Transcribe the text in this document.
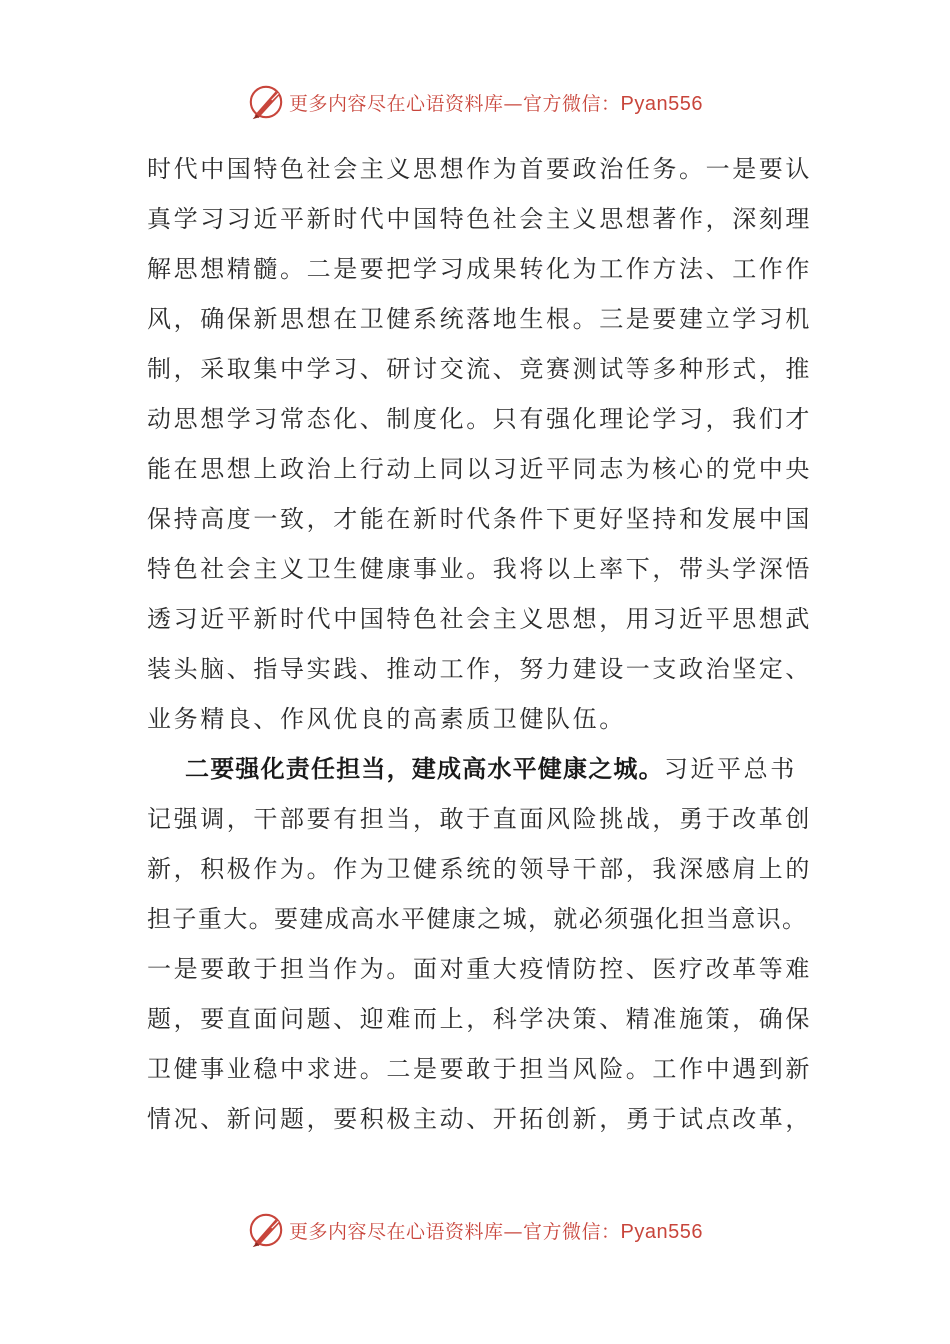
更多内容尽在心语资料库—官方微信：Pyan556
时代中国特色社会主义思想作为首要政治任务。一是要认
真学习习近平新时代中国特色社会主义思想著作，深刻理
解思想精髓。二是要把学习成果转化为工作方法、工作作
风，确保新思想在卫健系统落地生根。三是要建立学习机
制，采取集中学习、研讨交流、竞赛测试等多种形式，推
动思想学习常态化、制度化。只有强化理论学习，我们才
能在思想上政治上行动上同以习近平同志为核心的党中央
保持高度一致，才能在新时代条件下更好坚持和发展中国
特色社会主义卫生健康事业。我将以上率下，带头学深悟
透习近平新时代中国特色社会主义思想，用习近平思想武
装头脑、指导实践、推动工作，努力建设一支政治坚定、
业务精良、作风优良的高素质卫健队伍。
二要强化责任担当，建成高水平健康之城。习近平总书
记强调，干部要有担当，敢于直面风险挑战，勇于改革创
新，积极作为。作为卫健系统的领导干部，我深感肩上的
担子重大。要建成高水平健康之城，就必须强化担当意识。
一是要敢于担当作为。面对重大疫情防控、医疗改革等难
题，要直面问题、迎难而上，科学决策、精准施策，确保
卫健事业稳中求进。二是要敢于担当风险。工作中遇到新
情况、新问题，要积极主动、开拓创新，勇于试点改革，
更多内容尽在心语资料库—官方微信：Pyan556
